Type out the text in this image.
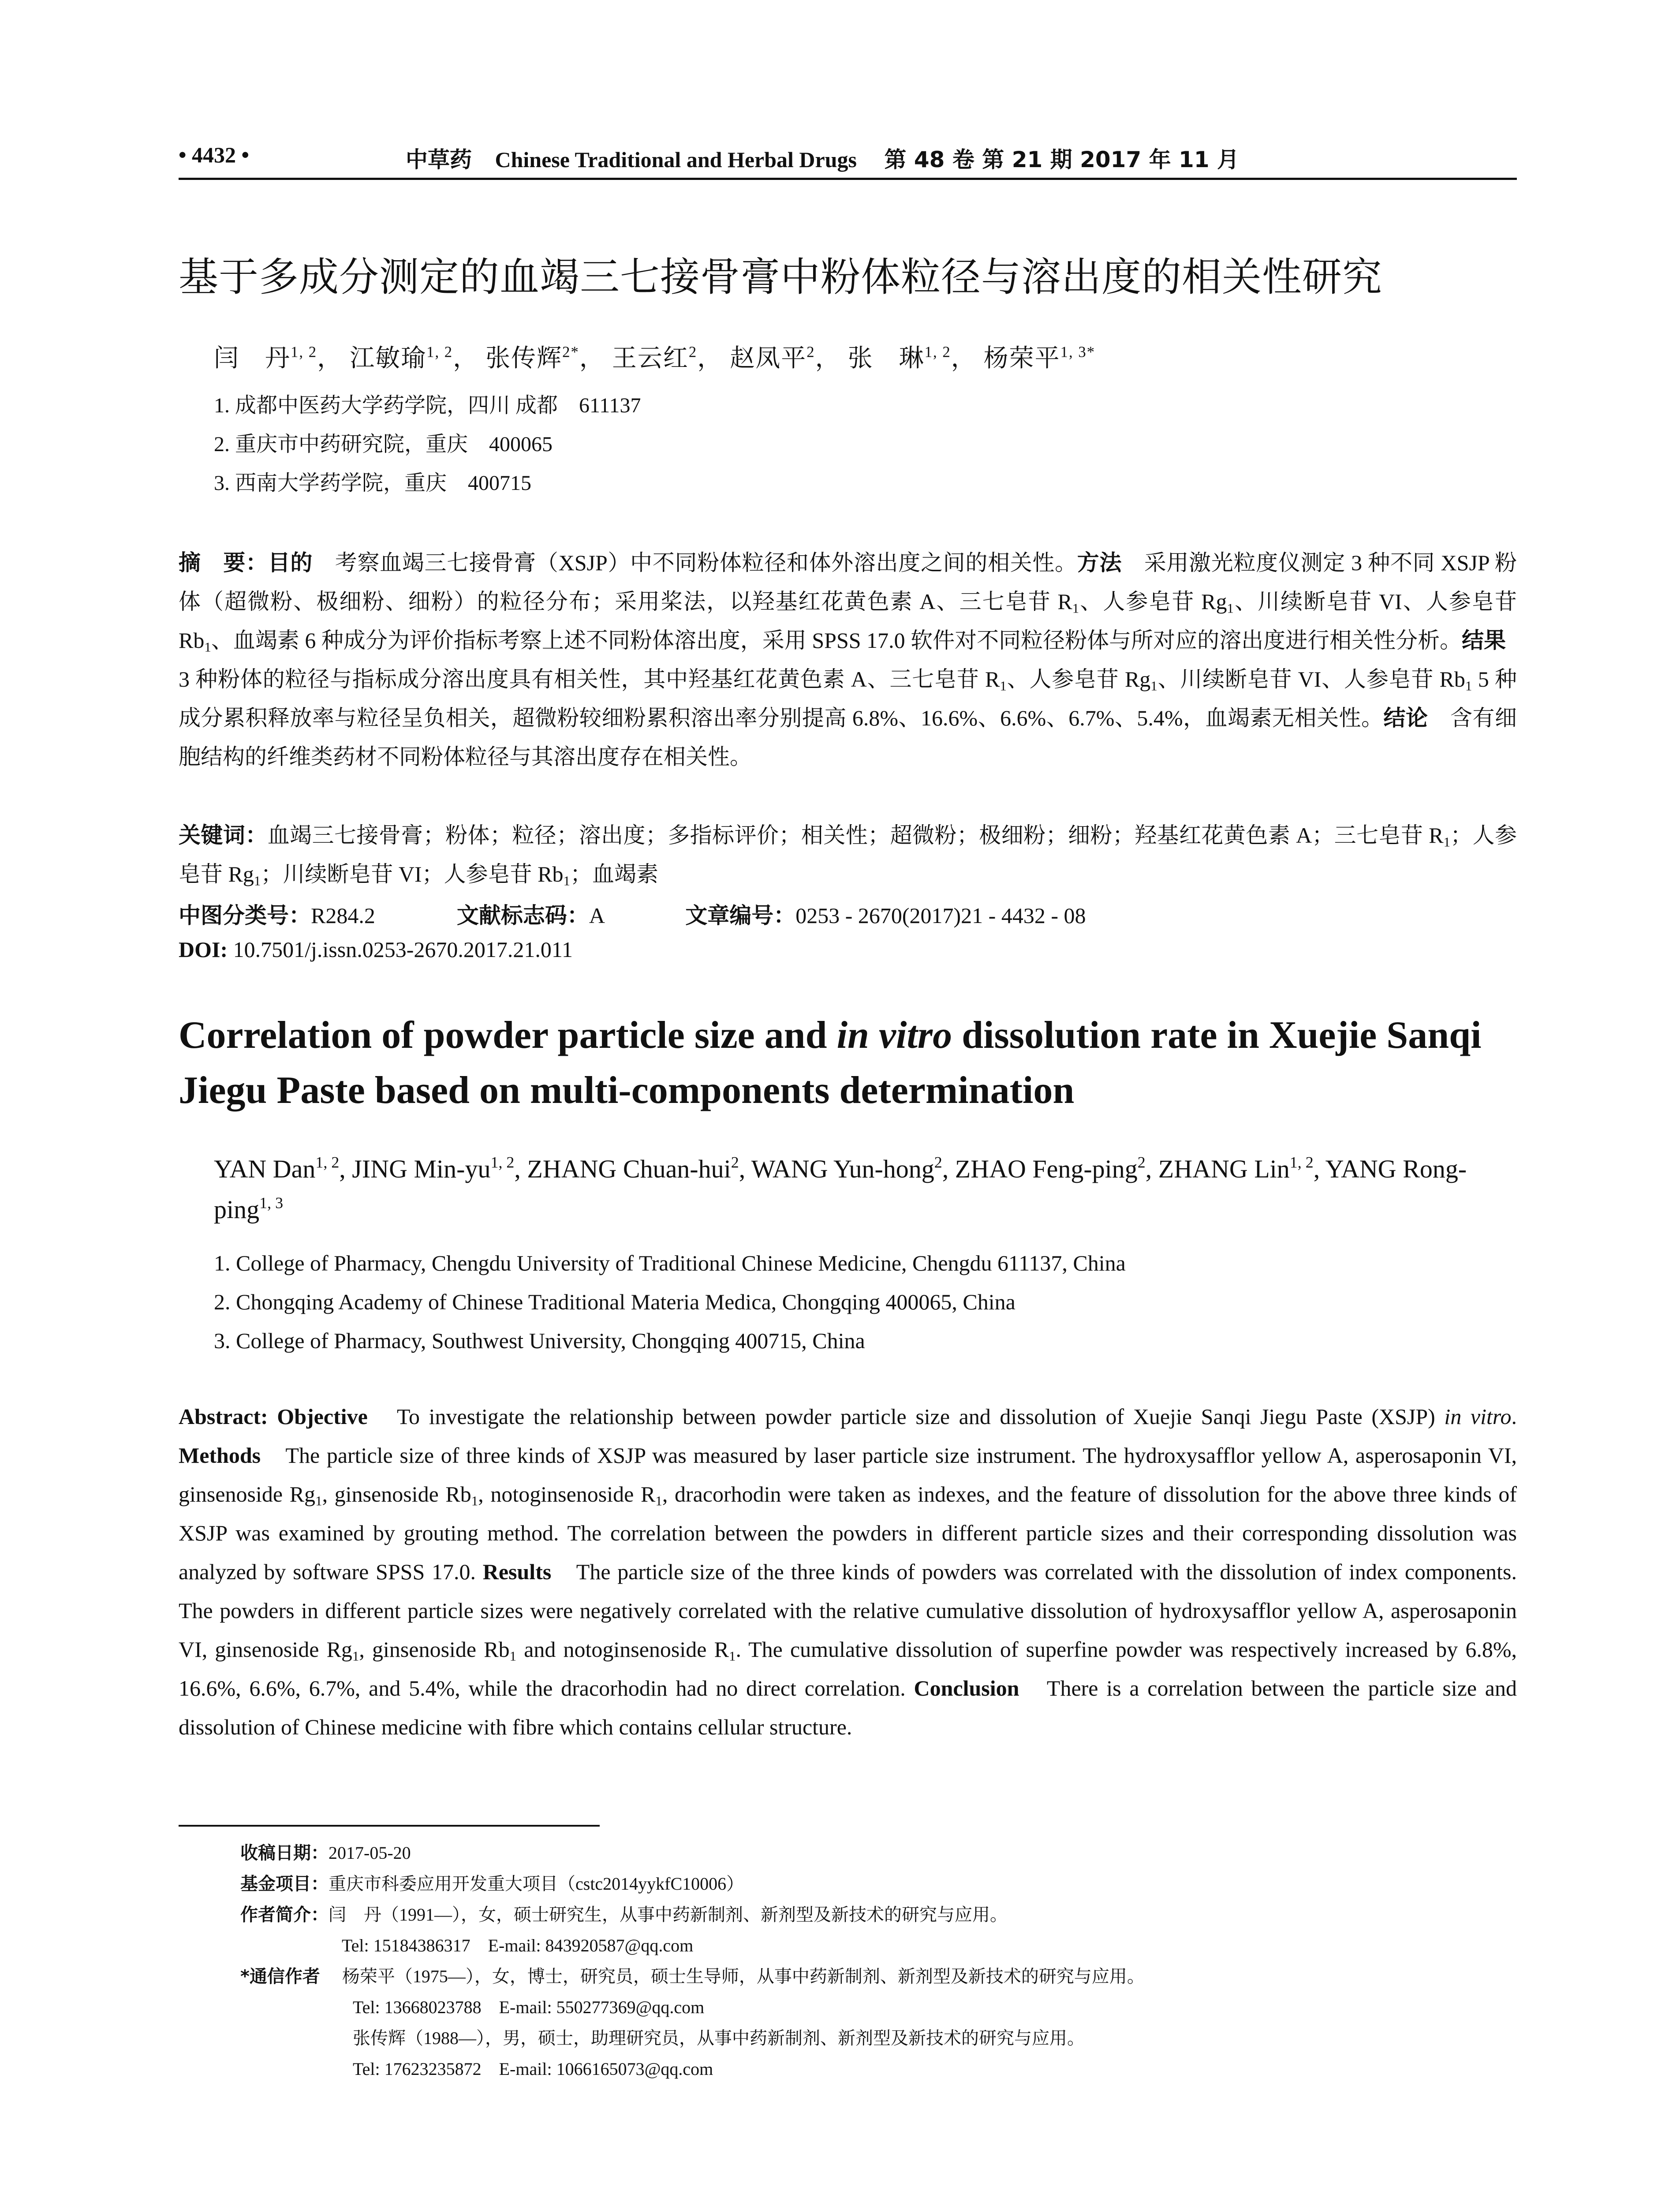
• 4432 •	中草药 Chinese Traditional and Herbal Drugs 第 48 卷 第 21 期 2017 年 11 月
基于多成分测定的血竭三七接骨膏中粉体粒径与溶出度的相关性研究
闫　丹$^{1, 2}$， 江敏瑜$^{1, 2}$， 张传辉$^{2*}$， 王云红$^2$， 赵凤平$^2$， 张　琳$^{1, 2}$， 杨荣平$^{1, 3*}$
1. 成都中医药大学药学院，四川 成都　611137
2. 重庆市中药研究院，重庆　400065
3. 西南大学药学院，重庆　400715
摘　要：目的　考察血竭三七接骨膏（XSJP）中不同粉体粒径和体外溶出度之间的相关性。方法　采用激光粒度仪测定 3 种不同 XSJP 粉体（超微粉、极细粉、细粉）的粒径分布；采用桨法，以羟基红花黄色素 A、三七皂苷 $R_1$、人参皂苷 $Rg_1$、川续断皂苷 VI、人参皂苷 $Rb_1$、血竭素 6 种成分为评价指标考察上述不同粉体溶出度，采用 SPSS 17.0 软件对不同粒径粉体与所对应的溶出度进行相关性分析。结果　3 种粉体的粒径与指标成分溶出度具有相关性，其中羟基红花黄色素 A、三七皂苷 $R_1$、人参皂苷 $Rg_1$、川续断皂苷 VI、人参皂苷 $Rb_1$ 5 种成分累积释放率与粒径呈负相关，超微粉较细粉累积溶出率分别提高 6.8%、16.6%、6.6%、6.7%、5.4%，血竭素无相关性。结论　含有细胞结构的纤维类药材不同粉体粒径与其溶出度存在相关性。
关键词：血竭三七接骨膏；粉体；粒径；溶出度；多指标评价；相关性；超微粉；极细粉；细粉；羟基红花黄色素 A；三七皂苷 $R_1$；人参皂苷 $Rg_1$；川续断皂苷 VI；人参皂苷 $Rb_1$；血竭素
中图分类号：R284.2	文献标志码：A	文章编号：0253 - 2670(2017)21 - 4432 - 08
DOI: 10.7501/j.issn.0253-2670.2017.21.011
Correlation of powder particle size and in vitro dissolution rate in Xuejie Sanqi Jiegu Paste based on multi-components determination
YAN Dan$^{1, 2}$, JING Min-yu$^{1, 2}$, ZHANG Chuan-hui$^2$, WANG Yun-hong$^2$, ZHAO Feng-ping$^2$, ZHANG Lin$^{1, 2}$, YANG Rong-ping$^{1, 3}$
1. College of Pharmacy, Chengdu University of Traditional Chinese Medicine, Chengdu 611137, China
2. Chongqing Academy of Chinese Traditional Materia Medica, Chongqing 400065, China
3. College of Pharmacy, Southwest University, Chongqing 400715, China
Abstract: Objective　To investigate the relationship between powder particle size and dissolution of Xuejie Sanqi Jiegu Paste (XSJP) in vitro. Methods　The particle size of three kinds of XSJP was measured by laser particle size instrument. The hydroxysafflor yellow A, asperosaponin VI, ginsenoside $Rg_1$, ginsenoside $Rb_1$, notoginsenoside $R_1$, dracorhodin were taken as indexes, and the feature of dissolution for the above three kinds of XSJP was examined by grouting method. The correlation between the powders in different particle sizes and their corresponding dissolution was analyzed by software SPSS 17.0. Results　The particle size of the three kinds of powders was correlated with the dissolution of index components. The powders in different particle sizes were negatively correlated with the relative cumulative dissolution of hydroxysafflor yellow A, asperosaponin VI, ginsenoside $Rg_1$, ginsenoside $Rb_1$ and notoginsenoside $R_1$. The cumulative dissolution of superfine powder was respectively increased by 6.8%, 16.6%, 6.6%, 6.7%, and 5.4%, while the dracorhodin had no direct correlation. Conclusion　There is a correlation between the particle size and dissolution of Chinese medicine with fibre which contains cellular structure.
收稿日期：2017-05-20
基金项目：重庆市科委应用开发重大项目（cstc2014yykfC10006）
作者简介：闫　丹（1991—），女，硕士研究生，从事中药新制剂、新剂型及新技术的研究与应用。
Tel: 15184386317　E-mail: 843920587@qq.com
*通信作者 杨荣平（1975—），女，博士，研究员，硕士生导师，从事中药新制剂、新剂型及新技术的研究与应用。
Tel: 13668023788　E-mail: 550277369@qq.com
张传辉（1988—），男，硕士，助理研究员，从事中药新制剂、新剂型及新技术的研究与应用。
Tel: 17623235872　E-mail: 1066165073@qq.com
